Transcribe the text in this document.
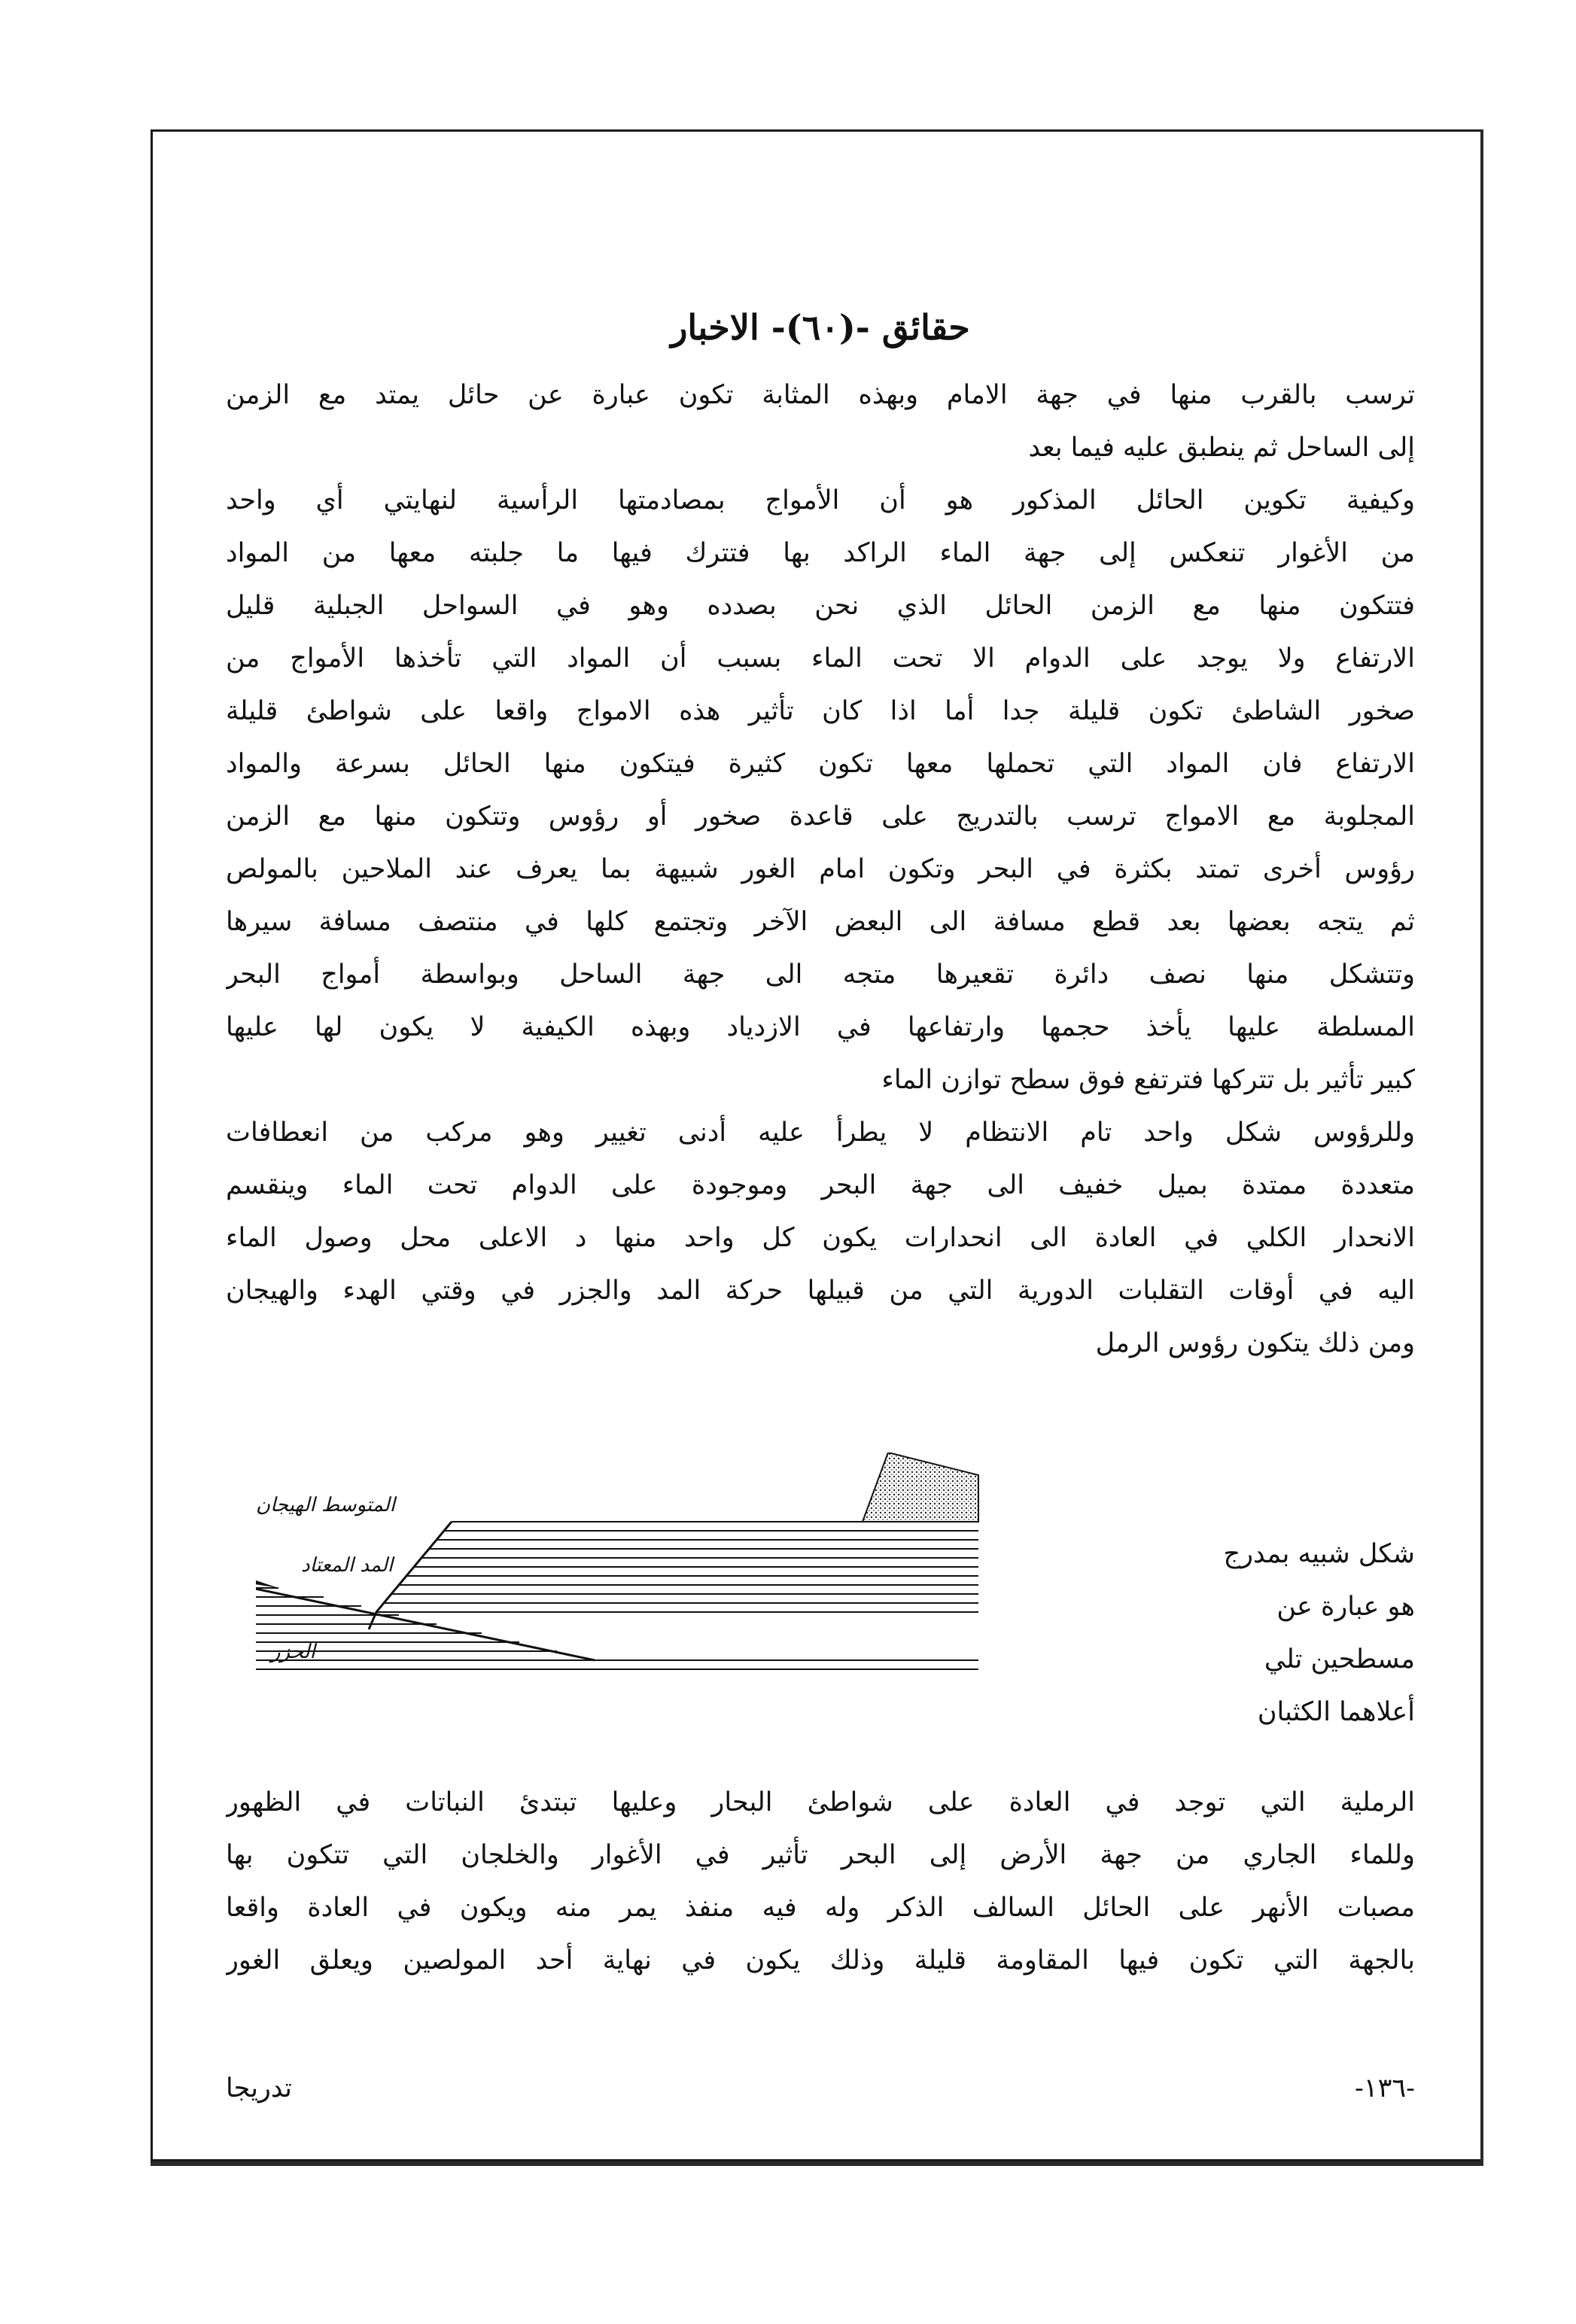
حقائق -(٦٠)- الاخبار
ترسب بالقرب منها في جهة الامام وبهذه المثابة تكون عبارة عن حائل يمتد مع الزمن
إلى الساحل ثم ينطبق عليه فيما بعد
وكيفية تكوين الحائل المذكور هو أن الأمواج بمصادمتها الرأسية لنهايتي أي واحد
من الأغوار تنعكس إلى جهة الماء الراكد بها فتترك فيها ما جلبته معها من المواد
فتتكون منها مع الزمن الحائل الذي نحن بصدده وهو في السواحل الجبلية قليل
الارتفاع ولا يوجد على الدوام الا تحت الماء بسبب أن المواد التي تأخذها الأمواج من
صخور الشاطئ تكون قليلة جدا أما اذا كان تأثير هذه الامواج واقعا على شواطئ قليلة
الارتفاع فان المواد التي تحملها معها تكون كثيرة فيتكون منها الحائل بسرعة والمواد
المجلوبة مع الامواج ترسب بالتدريج على قاعدة صخور أو رؤوس وتتكون منها مع الزمن
رؤوس أخرى تمتد بكثرة في البحر وتكون امام الغور شبيهة بما يعرف عند الملاحين بالمولص
ثم يتجه بعضها بعد قطع مسافة الى البعض الآخر وتجتمع كلها في منتصف مسافة سيرها
وتتشكل منها نصف دائرة تقعيرها متجه الى جهة الساحل وبواسطة أمواج البحر
المسلطة عليها يأخذ حجمها وارتفاعها في الازدياد وبهذه الكيفية لا يكون لها عليها
كبير تأثير بل تتركها فترتفع فوق سطح توازن الماء
وللرؤوس شكل واحد تام الانتظام لا يطرأ عليه أدنى تغيير وهو مركب من انعطافات
متعددة ممتدة بميل خفيف الى جهة البحر وموجودة على الدوام تحت الماء وينقسم
الانحدار الكلي في العادة الى انحدارات يكون كل واحد منها د الاعلى محل وصول الماء
اليه في أوقات التقلبات الدورية التي من قبيلها حركة المد والجزر في وقتي الهدء والهيجان
ومن ذلك يتكون رؤوس الرمل
شكل شبيه بمدرج
هو عبارة عن
مسطحين تلي
أعلاهما الكثبان
المتوسط الهيجان
الجزر
المد المعتاد
الرملية التي توجد في العادة على شواطئ البحار وعليها تبتدئ النباتات في الظهور
وللماء الجاري من جهة الأرض إلى البحر تأثير في الأغوار والخلجان التي تتكون بها
مصبات الأنهر على الحائل السالف الذكر وله فيه منفذ يمر منه ويكون في العادة واقعا
بالجهة التي تكون فيها المقاومة قليلة وذلك يكون في نهاية أحد المولصين ويعلق الغور
-١٣٦-
تدريجا
